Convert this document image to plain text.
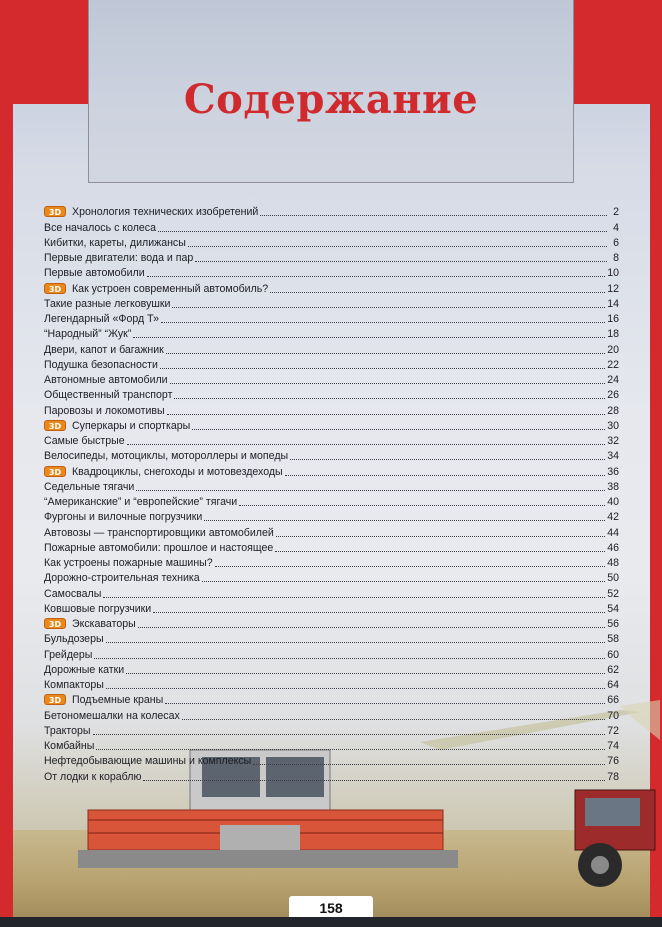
Содержание
3D	Хронология технических изобретений	2
Все началось с колеса	4
Кибитки, кареты, дилижансы	6
Первые двигатели: вода и пар	8
Первые автомобили	10
3D	Как устроен современный автомобиль?	12
Такие разные легковушки	14
Легендарный «Форд Т»	16
“Народный” “Жук”	18
Двери, капот и багажник	20
Подушка безопасности	22
Автономные автомобили	24
Общественный транспорт	26
Паровозы и локомотивы	28
3D	Суперкары и спорткары	30
Самые быстрые	32
Велосипеды, мотоциклы, мотороллеры и мопеды	34
3D	Квадроциклы, снегоходы и мотовездеходы	36
Седельные тягачи	38
“Американские” и “европейские” тягачи	40
Фургоны и вилочные погрузчики	42
Автовозы — транспортировщики автомобилей	44
Пожарные автомобили: прошлое и настоящее	46
Как устроены пожарные машины?	48
Дорожно-строительная техника	50
Самосвалы	52
Ковшовые погрузчики	54
3D	Экскаваторы	56
Бульдозеры	58
Грейдеры	60
Дорожные катки	62
Компакторы	64
3D	Подъемные краны	66
Бетономешалки на колесах	70
Тракторы	72
Комбайны	74
Нефтедобывающие машины и комплексы	76
От лодки к кораблю	78
158
